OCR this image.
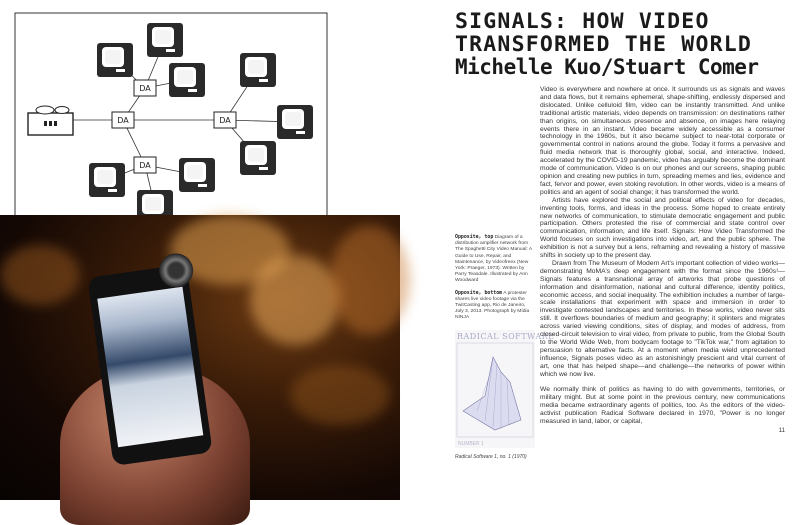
DA
DA
DA
DA
SIGNALS: HOW VIDEO
TRANSFORMED THE WORLD
Michelle Kuo/Stuart Comer
Opposite, top Diagram of a distribution amplifier network from The Spaghetti City Video Manual: A Guide to Use, Repair, and Maintenance, by Videofreex (New York: Praeger, 1973). Written by Parry Teasdale. Illustrated by Ann Woodward
Opposite, bottom A protester shares live video footage via the TwitCasting app, Rio de Janeiro, July 3, 2013. Photograph by Mídia NINJA
RADICAL SOFTWARE
NUMBER 1
Radical Software 1, no. 1 (1970)

Video is everywhere and nowhere at once. It surrounds us as signals and waves and data flows, but it remains ephemeral, shape-shifting, endlessly dispersed and dislocated. Unlike celluloid film, video can be instantly transmitted. And unlike traditional artistic materials, video depends on transmission: on destinations rather than origins, on simultaneous presence and absence, on images here relaying events there in an instant. Video became widely accessible as a consumer technology in the 1960s, but it also became subject to near-total corporate or governmental control in nations around the globe. Today it forms a pervasive and fluid media network that is thoroughly global, social, and interactive. Indeed, accelerated by the COVID-19 pandemic, video has arguably become the dominant mode of communication. Video is on our phones and our screens, shaping public opinion and creating new publics in turn, spreading memes and lies, evidence and fact, fervor and power, even stoking revolution. In other words, video is a means of politics and an agent of social change; it has transformed the world.

Artists have explored the social and political effects of video for decades, inventing tools, forms, and ideas in the process. Some hoped to create entirely new networks of communication, to stimulate democratic engagement and public participation. Others protested the rise of commercial and state control over communication, information, and life itself. Signals: How Video Transformed the World focuses on such investigations into video, art, and the public sphere. The exhibition is not a survey but a lens, reframing and revealing a history of massive shifts in society up to the present day.

Drawn from The Museum of Modern Art's important collection of video works—demonstrating MoMA's deep engagement with the format since the 1960s¹—Signals features a transnational array of artworks that probe questions of information and disinformation, national and cultural difference, identity politics, economic access, and social inequality. The exhibition includes a number of large-scale installations that experiment with space and immersion in order to investigate contested landscapes and territories. In these works, video never sits still. It overflows boundaries of medium and geography; it splinters and migrates across varied viewing conditions, sites of display, and modes of address, from closed-circuit television to viral video, from private to public, from the Global South to the World Wide Web, from bodycam footage to "TikTok war," from agitation to persuasion to alternative facts. At a moment when media wield unprecedented influence, Signals poses video as an astonishingly prescient and vital current of art, one that has helped shape—and challenge—the networks of power within which we now live.

We normally think of politics as having to do with governments, territories, or military might. But at some point in the previous century, new communications media became extraordinary agents of politics, too. As the editors of the video-activist publication Radical Software declared in 1970, "Power is no longer measured in land, labor, or capital,

11
